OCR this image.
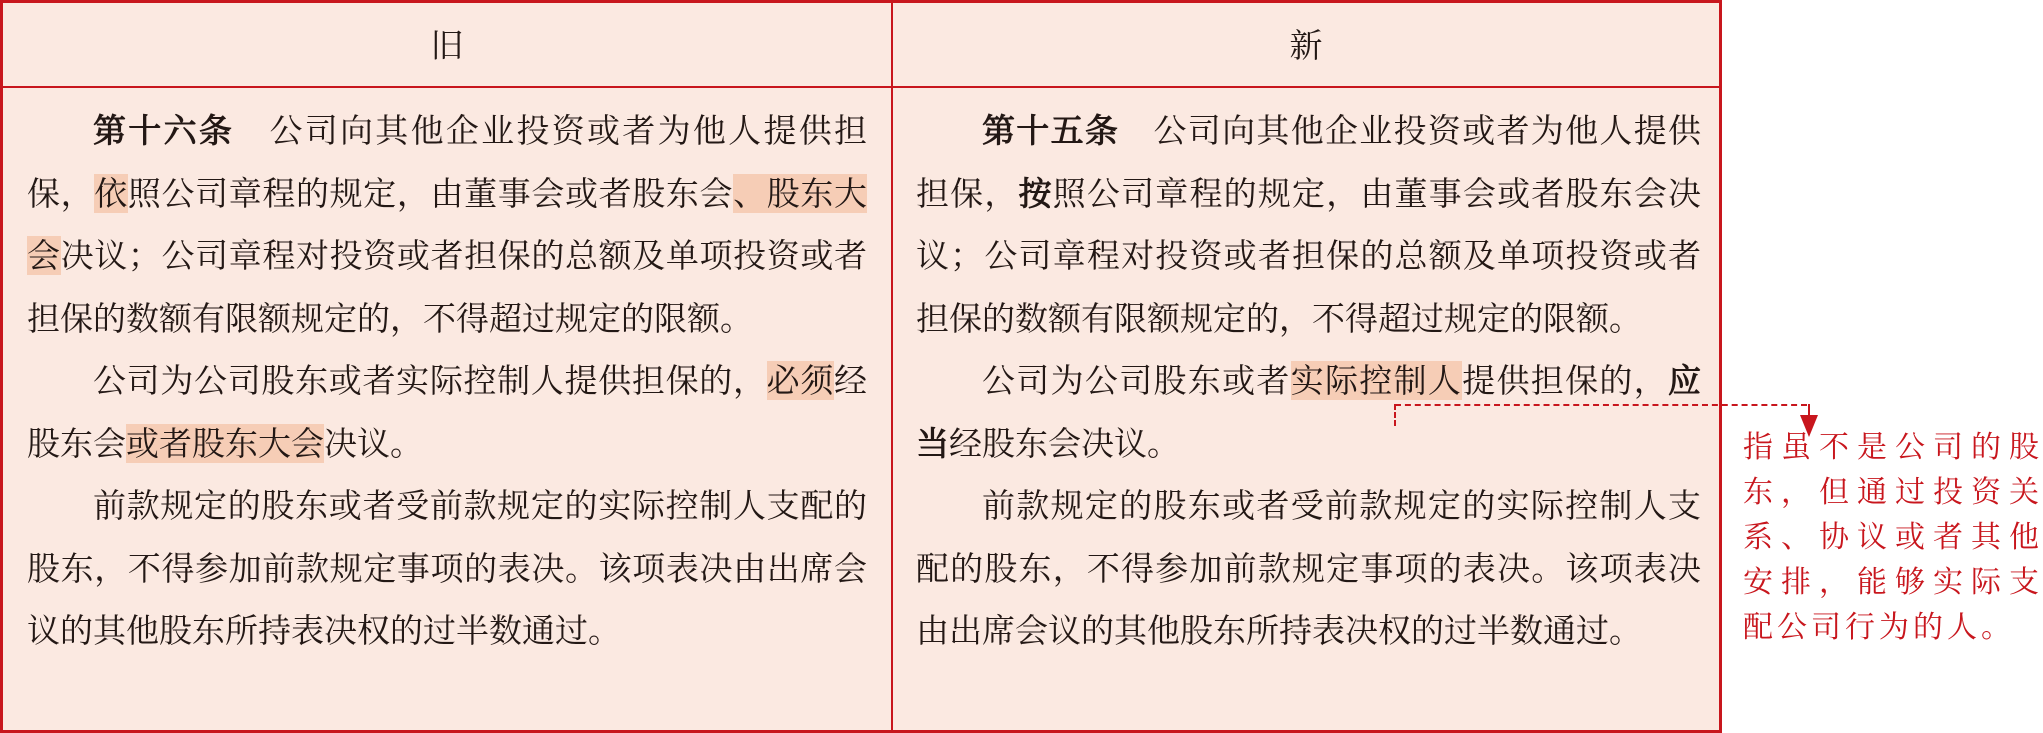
旧	新

第十六条 公司向其他企业投资或者为他人提供担保，依照公司章程的规定，由董事会或者股东会、股东大会决议；公司章程对投资或者担保的总额及单项投资或者担保的数额有限额规定的，不得超过规定的限额。

公司为公司股东或者实际控制人提供担保的，必须经股东会或者股东大会决议。

前款规定的股东或者受前款规定的实际控制人支配的股东，不得参加前款规定事项的表决。该项表决由出席会议的其他股东所持表决权的过半数通过。

第十五条 公司向其他企业投资或者为他人提供担保，按照公司章程的规定，由董事会或者股东会决议；公司章程对投资或者担保的总额及单项投资或者担保的数额有限额规定的，不得超过规定的限额。

公司为公司股东或者实际控制人提供担保的，应当经股东会决议。

前款规定的股东或者受前款规定的实际控制人支配的股东，不得参加前款规定事项的表决。该项表决由出席会议的其他股东所持表决权的过半数通过。

指虽不是公司的股东，但通过投资关系、协议或者其他安排，能够实际支配公司行为的人。
